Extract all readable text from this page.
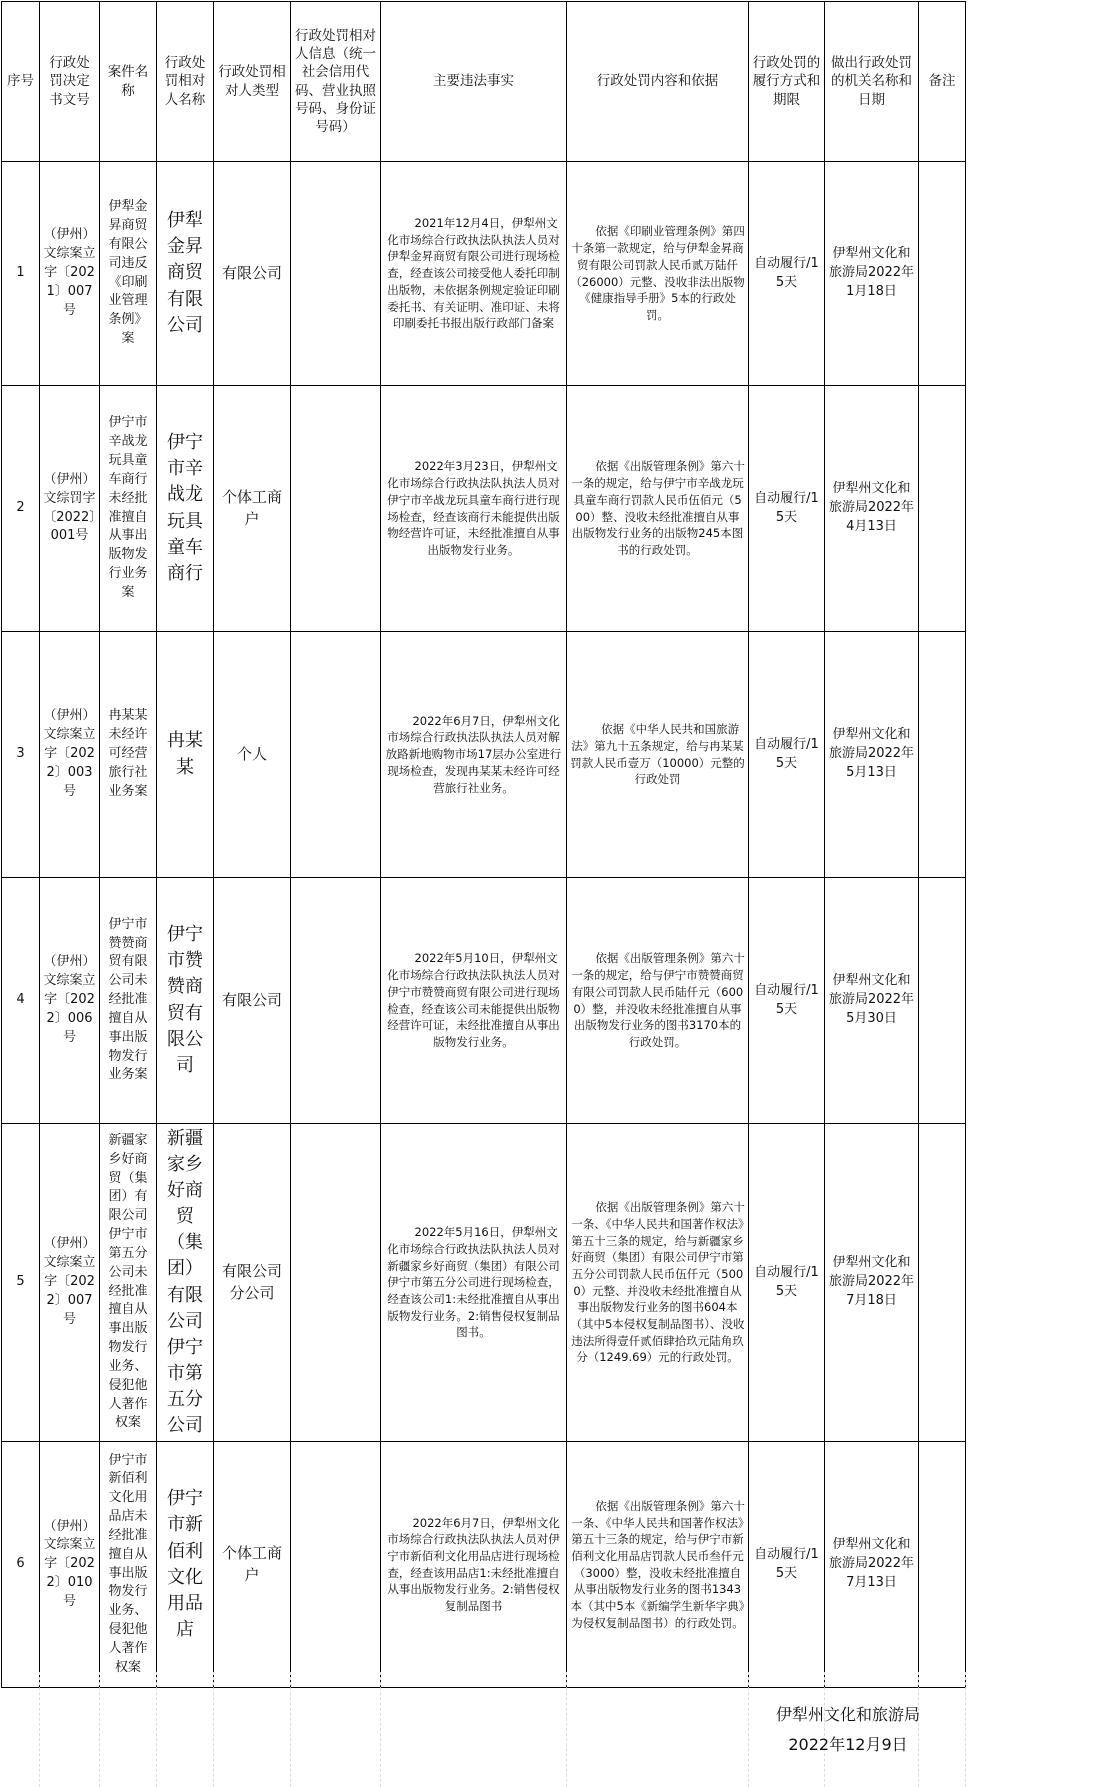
序号	行政处罚决定书文号	案件名称	行政处罚相对人名称	行政处罚相对人类型	行政处罚相对人信息（统一社会信用代码、营业执照号码、身份证号码）	主要违法事实	行政处罚内容和依据	行政处罚的履行方式和期限	做出行政处罚的机关名称和日期	备注
1	（伊州）文综案立字〔2021〕007号	伊犁金昇商贸有限公司违反《印刷业管理条例》案	伊犁金昇商贸有限公司	有限公司		2021年12月4日，伊犁州文化市场综合行政执法队执法人员对伊犁金昇商贸有限公司进行现场检查，经查该公司接受他人委托印制出版物，未依据条例规定验证印刷委托书、有关证明、准印证、未将印刷委托书报出版行政部门备案	依据《印刷业管理条例》第四十条第一款规定，给与伊犁金昇商贸有限公司罚款人民币贰万陆仟（26000）元整、没收非法出版物《健康指导手册》5本的行政处罚。	自动履行/15天	伊犁州文化和旅游局2022年1月18日	
2	（伊州）文综罚字〔2022〕001号	伊宁市辛战龙玩具童车商行未经批准擅自从事出版物发行业务案	伊宁市辛战龙玩具童车商行	个体工商户		2022年3月23日，伊犁州文化市场综合行政执法队执法人员对伊宁市辛战龙玩具童车商行进行现场检查，经查该商行未能提供出版物经营许可证，未经批准擅自从事出版物发行业务。	依据《出版管理条例》第六十一条的规定，给与伊宁市辛战龙玩具童车商行罚款人民币伍佰元（500）整、没收未经批准擅自从事出版物发行业务的出版物245本图书的行政处罚。	自动履行/15天	伊犁州文化和旅游局2022年4月13日	
3	（伊州）文综案立字〔2022〕003号	冉某某未经许可经营旅行社业务案	冉某某	个人		2022年6月7日，伊犁州文化市场综合行政执法队执法人员对解放路新地购物市场17层办公室进行现场检查，发现冉某某未经许可经营旅行社业务。	依据《中华人民共和国旅游法》第九十五条规定，给与冉某某罚款人民币壹万（10000）元整的行政处罚	自动履行/15天	伊犁州文化和旅游局2022年5月13日	
4	（伊州）文综案立字〔2022〕006号	伊宁市赞赞商贸有限公司未经批准擅自从事出版物发行业务案	伊宁市赞赞商贸有限公司	有限公司		2022年5月10日，伊犁州文化市场综合行政执法队执法人员对伊宁市赞赞商贸有限公司进行现场检查，经查该公司未能提供出版物经营许可证，未经批准擅自从事出版物发行业务。	依据《出版管理条例》第六十一条的规定，给与伊宁市赞赞商贸有限公司罚款人民币陆仟元（6000）整，并没收未经批准擅自从事出版物发行业务的图书3170本的行政处罚。	自动履行/15天	伊犁州文化和旅游局2022年5月30日	
5	（伊州）文综案立字〔2022〕007号	新疆家乡好商贸（集团）有限公司伊宁市第五分公司未经批准擅自从事出版物发行业务、侵犯他人著作权案	新疆家乡好商贸（集团）有限公司伊宁市第五分公司	有限公司分公司		2022年5月16日，伊犁州文化市场综合行政执法队执法人员对新疆家乡好商贸（集团）有限公司伊宁市第五分公司进行现场检查，经查该公司1:未经批准擅自从事出版物发行业务。2:销售侵权复制品图书。	依据《出版管理条例》第六十一条、《中华人民共和国著作权法》第五十三条的规定，给与新疆家乡好商贸（集团）有限公司伊宁市第五分公司罚款人民币伍仟元（5000）元整、并没收未经批准擅自从事出版物发行业务的图书604本（其中5本侵权复制品图书）、没收违法所得壹仟贰佰肆拾玖元陆角玖分（1249.69）元的行政处罚。	自动履行/15天	伊犁州文化和旅游局2022年7月18日	
6	（伊州）文综案立字〔2022〕010号	伊宁市新佰利文化用品店未经批准擅自从事出版物发行业务、侵犯他人著作权案	伊宁市新佰利文化用品店	个体工商户		2022年6月7日，伊犁州文化市场综合行政执法队执法人员对伊宁市新佰利文化用品店进行现场检查，经查该用品店1:未经批准擅自从事出版物发行业务。2:销售侵权复制品图书	依据《出版管理条例》第六十一条、《中华人民共和国著作权法》第五十三条的规定，给与伊宁市新佰利文化用品店罚款人民币叁仟元（3000）整，没收未经批准擅自从事出版物发行业务的图书1343本（其中5本《新编学生新华字典》为侵权复制品图书）的行政处罚。	自动履行/15天	伊犁州文化和旅游局2022年7月13日	
伊犁州文化和旅游局
2022年12月9日
